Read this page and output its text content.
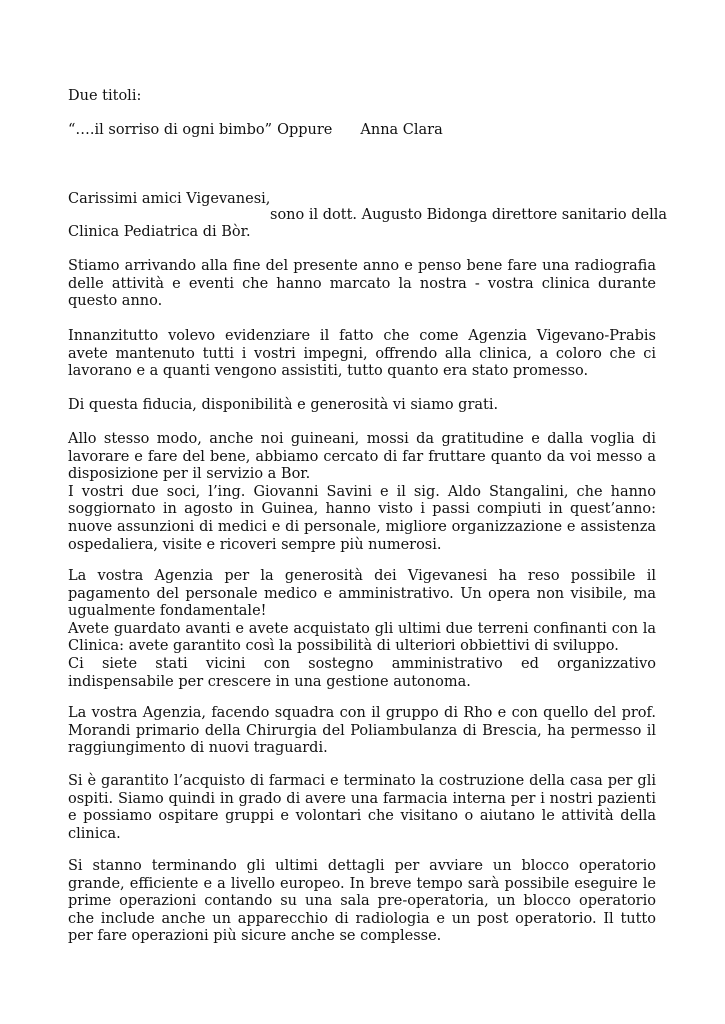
Due titoli:
“….il sorriso di ogni bimbo” Oppure Anna Clara
Carissimi amici Vigevanesi,
sono il dott. Augusto Bidonga direttore sanitario della
Clinica Pediatrica di Bòr.

Stiamo arrivando alla fine del presente anno e penso bene fare una radiografia delle attività e eventi che hanno marcato la nostra - vostra clinica durante questo anno.

Innanzitutto volevo evidenziare il fatto che come Agenzia Vigevano-Prabis avete mantenuto tutti i vostri impegni, offrendo alla clinica, a coloro che ci lavorano e a quanti vengono assistiti, tutto quanto era stato promesso.

Di questa fiducia, disponibilità e generosità vi siamo grati.

Allo stesso modo, anche noi guineani, mossi da gratitudine e dalla voglia di lavorare e fare del bene, abbiamo cercato di far fruttare quanto da voi messo a disposizione per il servizio a Bor.

I vostri due soci, l’ing. Giovanni Savini e il sig. Aldo Stangalini, che hanno soggiornato in agosto in Guinea, hanno visto i passi compiuti in quest’anno: nuove assunzioni di medici e di personale, migliore organizzazione e assistenza ospedaliera, visite e ricoveri sempre più numerosi.

La vostra Agenzia per la generosità dei Vigevanesi ha reso possibile il pagamento del personale medico e amministrativo. Un opera non visibile, ma ugualmente fondamentale!

Avete guardato avanti e avete acquistato gli ultimi due terreni confinanti con la Clinica: avete garantito così la possibilità di ulteriori obbiettivi di sviluppo.

Ci siete stati vicini con sostegno amministrativo ed organizzativo indispensabile per crescere in una gestione autonoma.

La vostra Agenzia, facendo squadra con il gruppo di Rho e con quello del prof. Morandi primario della Chirurgia del Poliambulanza di Brescia, ha permesso il raggiungimento di nuovi traguardi.

Si è garantito l’acquisto di farmaci e terminato la costruzione della casa per gli ospiti. Siamo quindi in grado di avere una farmacia interna per i nostri pazienti e possiamo ospitare gruppi e volontari che visitano o aiutano le attività della clinica.

Si stanno terminando gli ultimi dettagli per avviare un blocco operatorio grande, efficiente e a livello europeo. In breve tempo sarà possibile eseguire le prime operazioni contando su una sala pre-operatoria, un blocco operatorio che include anche un apparecchio di radiologia e un post operatorio. Il tutto per fare operazioni più sicure anche se complesse.
